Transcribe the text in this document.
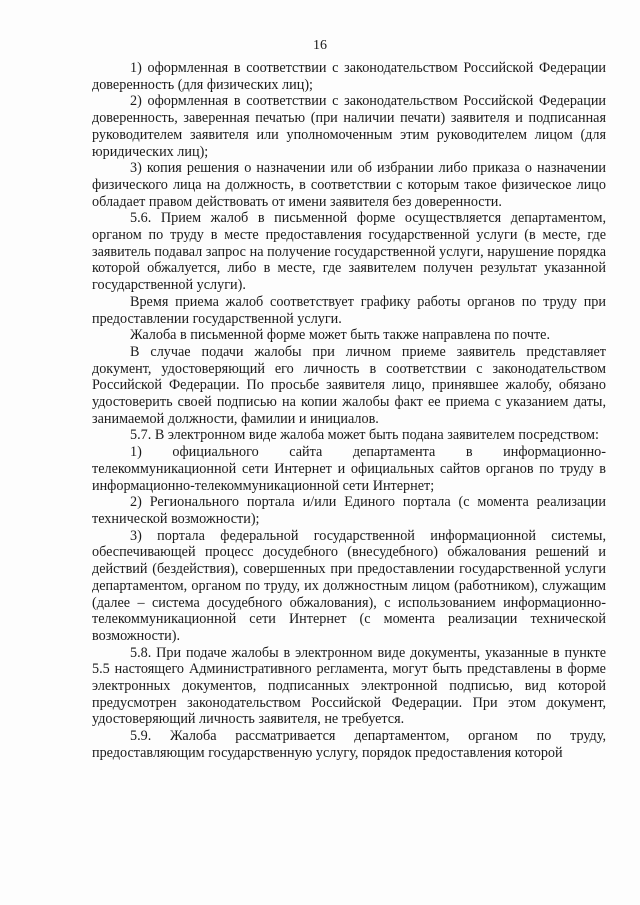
16

1) оформленная в соответствии с законодательством Российской Федерации доверенность (для физических лиц);

2) оформленная в соответствии с законодательством Российской Федерации доверенность, заверенная печатью (при наличии печати) заявителя и подписанная руководителем заявителя или уполномоченным этим руководителем лицом (для юридических лиц);

3) копия решения о назначении или об избрании либо приказа о назначении физического лица на должность, в соответствии с которым такое физическое лицо обладает правом действовать от имени заявителя без доверенности.

5.6. Прием жалоб в письменной форме осуществляется департаментом, органом по труду в месте предоставления государственной услуги (в месте, где заявитель подавал запрос на получение государственной услуги, нарушение порядка которой обжалуется, либо в месте, где заявителем получен результат указанной государственной услуги).

Время приема жалоб соответствует графику работы органов по труду при предоставлении государственной услуги.

Жалоба в письменной форме может быть также направлена по почте.

В случае подачи жалобы при личном приеме заявитель представляет документ, удостоверяющий его личность в соответствии с законодательством Российской Федерации. По просьбе заявителя лицо, принявшее жалобу, обязано удостоверить своей подписью на копии жалобы факт ее приема с указанием даты, занимаемой должности, фамилии и инициалов.

5.7. В электронном виде жалоба может быть подана заявителем посредством:

1) официального сайта департамента в информационно-телекоммуникационной сети Интернет и официальных сайтов органов по труду в информационно-телекоммуникационной сети Интернет;

2) Регионального портала и/или Единого портала (с момента реализации технической возможности);

3) портала федеральной государственной информационной системы, обеспечивающей процесс досудебного (внесудебного) обжалования решений и действий (бездействия), совершенных при предоставлении государственной услуги департаментом, органом по труду, их должностным лицом (работником), служащим (далее – система досудебного обжалования), с использованием информационно-телекоммуникационной сети Интернет (с момента реализации технической возможности).

5.8. При подаче жалобы в электронном виде документы, указанные в пункте 5.5 настоящего Административного регламента, могут быть представлены в форме электронных документов, подписанных электронной подписью, вид которой предусмотрен законодательством Российской Федерации. При этом документ, удостоверяющий личность заявителя, не требуется.

5.9. Жалоба рассматривается департаментом, органом по труду, предоставляющим государственную услугу, порядок предоставления которой
